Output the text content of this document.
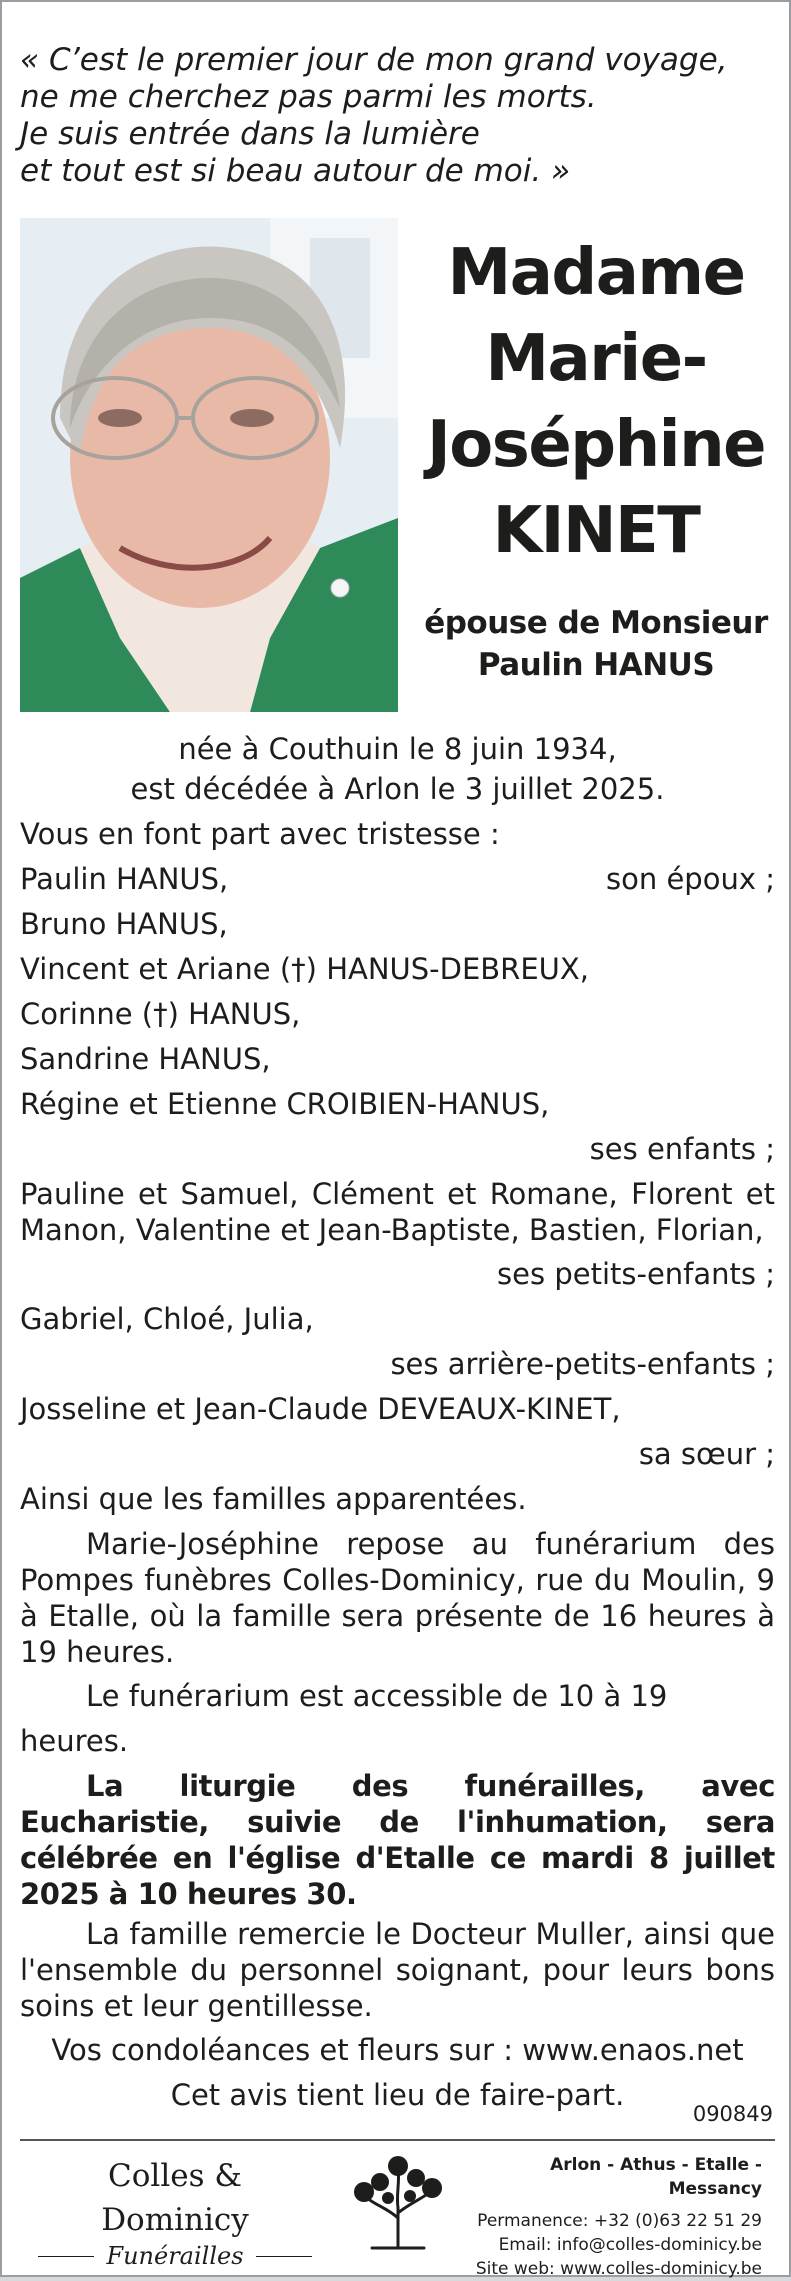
« C’est le premier jour de mon grand voyage,
ne me cherchez pas parmi les morts.
Je suis entrée dans la lumière
et tout est si beau autour de moi. »
Madame
Marie-
Joséphine
KINET
épouse de Monsieur
Paulin HANUS
née à Couthuin le 8 juin 1934,
est décédée à Arlon le 3 juillet 2025.
Vous en font part avec tristesse :
Paulin HANUS,	son époux ;
Bruno HANUS,
Vincent et Ariane (†) HANUS-DEBREUX,
Corinne (†) HANUS,
Sandrine HANUS,
Régine et Etienne CROIBIEN-HANUS,
ses enfants ;
Pauline et Samuel, Clément et Romane, Florent et Manon, Valentine et Jean-Baptiste, Bastien, Florian,
ses petits-enfants ;
Gabriel, Chloé, Julia,
ses arrière-petits-enfants ;
Josseline et Jean-Claude DEVEAUX-KINET,
sa sœur ;
Ainsi que les familles apparentées.
Marie-Joséphine repose au funérarium des Pompes funèbres Colles-Dominicy, rue du Moulin, 9 à Etalle, où la famille sera présente de 16 heures à 19 heures.
Le funérarium est accessible de 10 à 19 heures.
La liturgie des funérailles, avec Eucharistie, suivie de l'inhumation, sera célébrée en l'église d'Etalle ce mardi 8 juillet 2025 à 10 heures 30.
La famille remercie le Docteur Muller, ainsi que l'ensemble du personnel soignant, pour leurs bons soins et leur gentillesse.
Vos condoléances et fleurs sur : www.enaos.net
Cet avis tient lieu de faire-part.
090849
Colles & Dominicy
Funérailles
Arlon - Athus - Etalle - Messancy
Permanence: +32 (0)63 22 51 29
Email: info@colles-dominicy.be
Site web: www.colles-dominicy.be
